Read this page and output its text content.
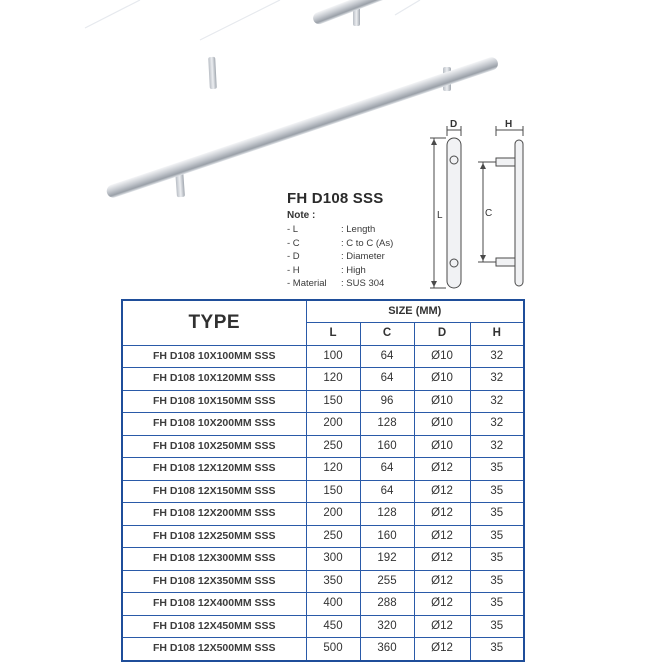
FH D108 SSS
Note :
- L	: Length
- C	: C to C (As)
- D	: Diameter
- H	: High
- Material	: SUS 304
D	H
L	C
TYPE	SIZE (MM)			
	L	C	D	H
FH D108 10X100MM SSS	100	64	Ø10	32
FH D108 10X120MM SSS	120	64	Ø10	32
FH D108 10X150MM SSS	150	96	Ø10	32
FH D108 10X200MM SSS	200	128	Ø10	32
FH D108 10X250MM SSS	250	160	Ø10	32
FH D108 12X120MM SSS	120	64	Ø12	35
FH D108 12X150MM SSS	150	64	Ø12	35
FH D108 12X200MM SSS	200	128	Ø12	35
FH D108 12X250MM SSS	250	160	Ø12	35
FH D108 12X300MM SSS	300	192	Ø12	35
FH D108 12X350MM SSS	350	255	Ø12	35
FH D108 12X400MM SSS	400	288	Ø12	35
FH D108 12X450MM SSS	450	320	Ø12	35
FH D108 12X500MM SSS	500	360	Ø12	35
